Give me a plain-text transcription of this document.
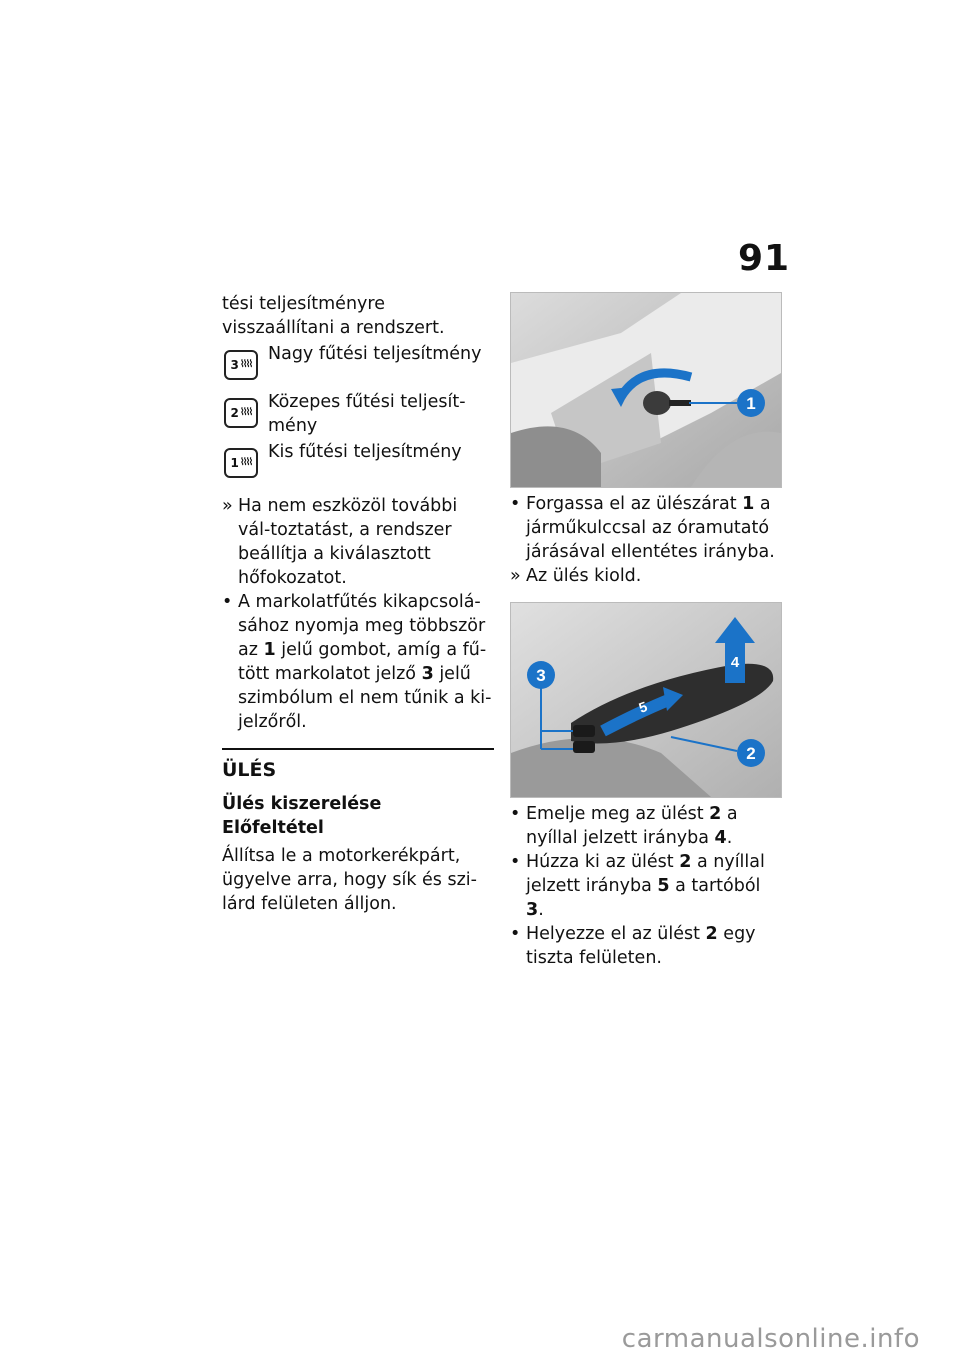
91

tési teljesítményre visszaállítani a rendszert.

3 ⌇⌇⌇⌇
Nagy fűtési teljesítmény
2 ⌇⌇⌇⌇
Közepes fűtési teljesít-mény
1 ⌇⌇⌇⌇
Kis fűtési teljesítmény
» Ha nem eszközöl további vál-toztatást, a rendszer beállítja a kiválasztott hőfokozatot.
• A markolatfűtés kikapcsolá-sához nyomja meg többször az 1 jelű gombot, amíg a fű-tött markolatot jelző 3 jelű szimbólum el nem tűnik a ki-jelzőről.
ÜLÉS
Ülés kiszerelése
Előfeltétel

Állítsa le a motorkerékpárt, ügyelve arra, hogy sík és szi-lárd felületen álljon.

1
• Forgassa el az ülészárat 1 a járműkulccsal az óramutató járásával ellentétes irányba.
» Az ülés kiold.
5
4
3
2
• Emelje meg az ülést 2 a nyíllal jelzett irányba 4.
• Húzza ki az ülést 2 a nyíllal jelzett irányba 5 a tartóból 3.
• Helyezze el az ülést 2 egy tiszta felületen.
carmanualsonline.info
